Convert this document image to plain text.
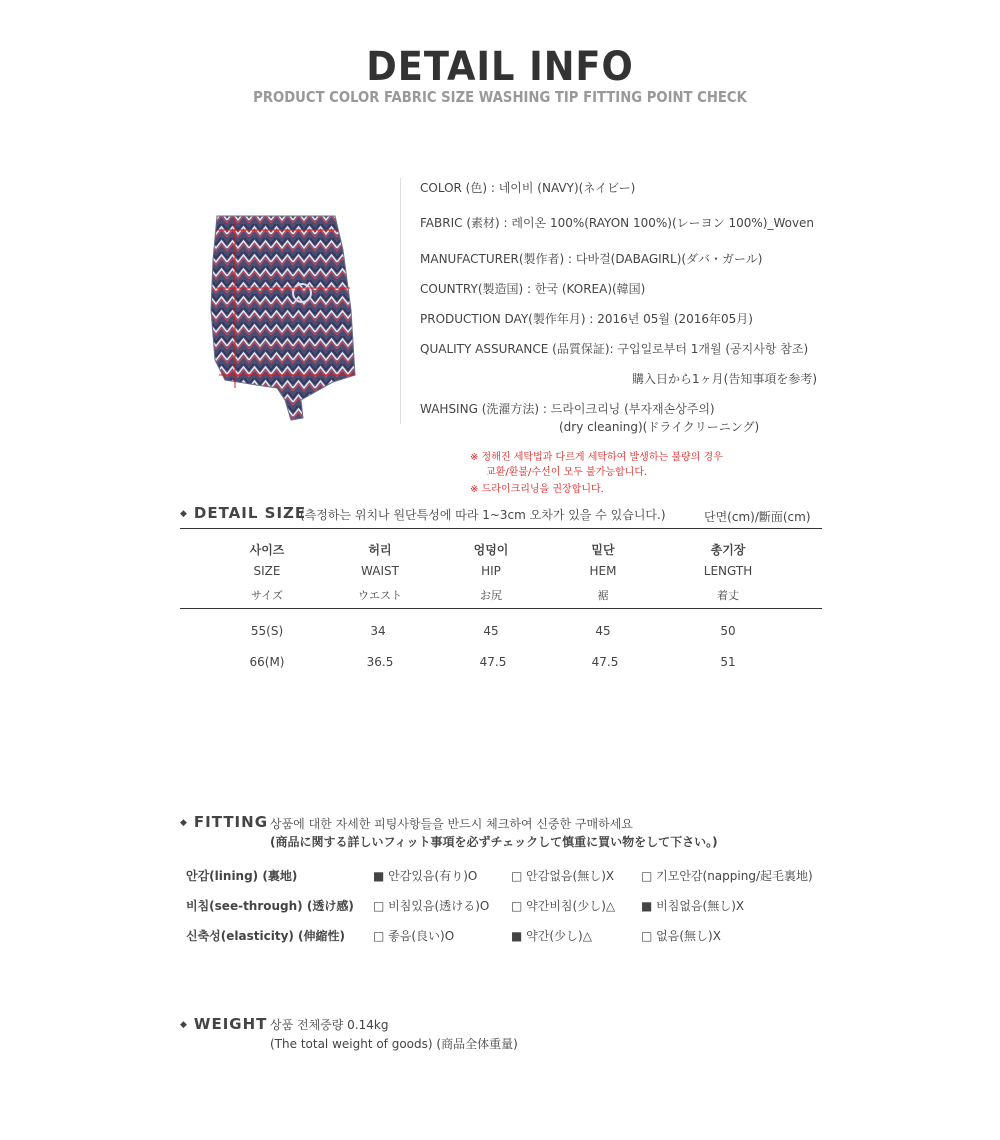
DETAIL INFO
PRODUCT COLOR FABRIC SIZE WASHING TIP FITTING POINT CHECK
COLOR (色) : 네이비 (NAVY)(ネイビー)
FABRIC (素材) : 레이온 100%(RAYON 100%)(レーヨン 100%)_Woven
MANUFACTURER(製作者) : 다바걸(DABAGIRL)(ダバ・ガール)
COUNTRY(製造国) : 한국 (KOREA)(韓国)
PRODUCTION DAY(製作年月) : 2016년 05월 (2016年05月)
QUALITY ASSURANCE (品質保証): 구입일로부터 1개월 (공지사항 참조)
購入日から1ヶ月(告知事項を参考)
WAHSING (洗濯方法) : 드라이크리닝 (부자재손상주의)
(dry cleaning)(ドライクリーニング)
※ 정해진 세탁법과 다르게 세탁하여 발생하는 불량의 경우
교환/환불/수선이 모두 불가능합니다.
※ 드라이크리닝을 권장합니다.
◆ DETAIL SIZE
(측정하는 위치나 원단특성에 따라 1~3cm 오차가 있을 수 있습니다.)	단면(cm)/斷面(cm)
사이즈	허리	엉덩이	밑단	총기장
SIZE	WAIST	HIP	HEM	LENGTH
サイズ	ウエスト	お尻	裾	着丈
55(S)	34	45	45	50
66(M)	36.5	47.5	47.5	51
◆ FITTING 상품에 대한 자세한 피팅사항들을 반드시 체크하여 신중한 구매하세요
(商品に関する詳しいフィット事項を必ずチェックして慎重に買い物をして下さい。)
안감(lining) (裏地)	■ 안감있음(有り)O	□ 안감없음(無し)X □ 기모안감(napping/起毛裏地)
비침(see-through) (透け感) □ 비침있음(透ける)O □ 약간비침(少し)△ ■ 비침없음(無し)X
신축성(elasticity) (伸縮性) □ 좋음(良い)O	■ 약간(少し)△	□ 없음(無し)X
◆ WEIGHT 상품 전체중량 0.14kg
(The total weight of goods) (商品全体重量)
